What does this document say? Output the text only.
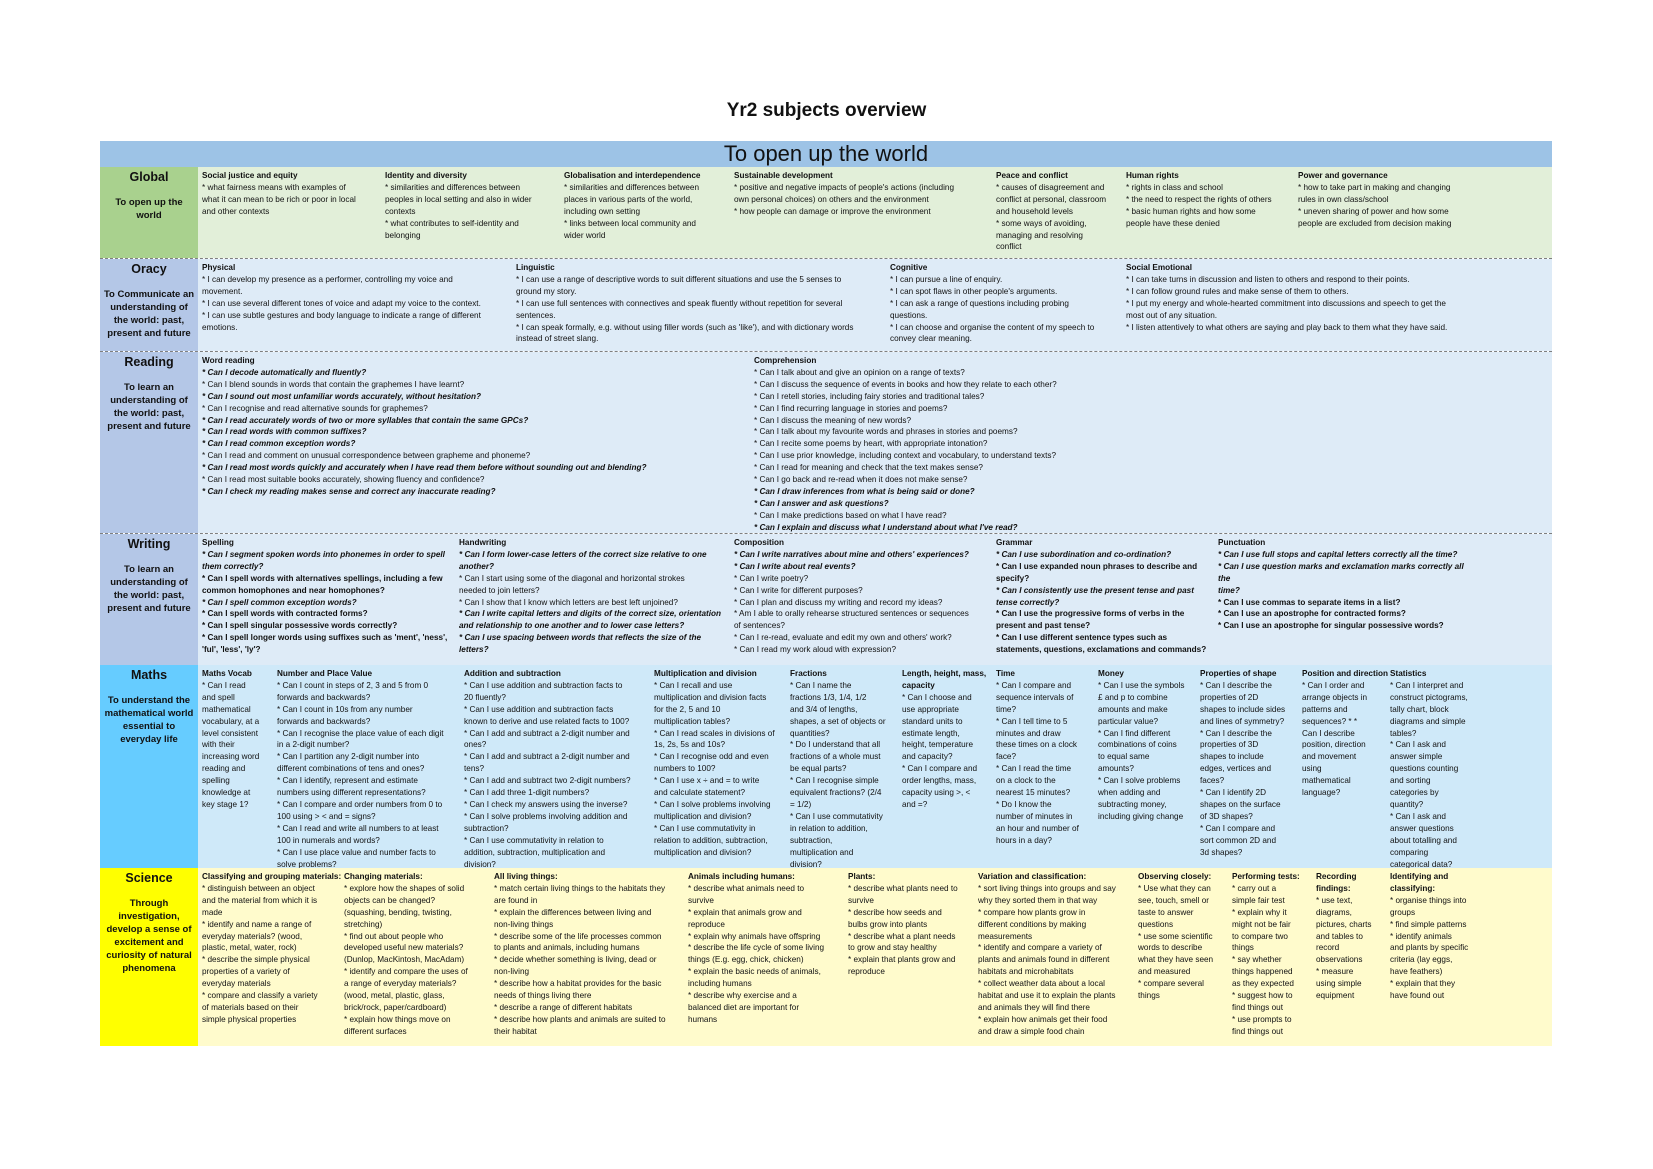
Yr2 subjects overview
To open up the world
Global
To open up the world
Social justice and equity
* what fairness means with examples of
what it can mean to be rich or poor in local
and other contexts
Identity and diversity
* similarities and differences between
peoples in local setting and also in wider
contexts
* what contributes to self-identity and
belonging
Globalisation and interdependence
* similarities and differences between
places in various parts of the world,
including own setting
* links between local community and
wider world
Sustainable development
* positive and negative impacts of people's actions (including
own personal choices) on others and the environment
* how people can damage or improve the environment
Peace and conflict
* causes of disagreement and
conflict at personal, classroom
and household levels
* some ways of avoiding,
managing and resolving
conflict
Human rights
* rights in class and school
* the need to respect the rights of others
* basic human rights and how some
people have these denied
Power and governance
* how to take part in making and changing
rules in own class/school
* uneven sharing of power and how some
people are excluded from decision making
Oracy
To Communicate an understanding of the world: past, present and future
Physical
* I can develop my presence as a performer, controlling my voice and
movement.
* I can use several different tones of voice and adapt my voice to the context.
* I can use subtle gestures and body language to indicate a range of different
emotions.
Linguistic
* I can use a range of descriptive words to suit different situations and use the 5 senses to
ground my story.
* I can use full sentences with connectives and speak fluently without repetition for several
sentences.
* I can speak formally, e.g. without using filler words (such as 'like'), and with dictionary words
instead of street slang.
Cognitive
* I can pursue a line of enquiry.
* I can spot flaws in other people's arguments.
* I can ask a range of questions including probing
questions.
* I can choose and organise the content of my speech to
convey clear meaning.
Social Emotional
* I can take turns in discussion and listen to others and respond to their points.
* I can follow ground rules and make sense of them to others.
* I put my energy and whole-hearted commitment into discussions and speech to get the
most out of any situation.
* I listen attentively to what others are saying and play back to them what they have said.
Reading
To learn an understanding of the world: past, present and future
Word reading
* Can I decode automatically and fluently?
* Can I blend sounds in words that contain the graphemes I have learnt?
* Can I sound out most unfamiliar words accurately, without hesitation?
* Can I recognise and read alternative sounds for graphemes?
* Can I read accurately words of two or more syllables that contain the same GPCs?
* Can I read words with common suffixes?
* Can I read common exception words?
* Can I read and comment on unusual correspondence between grapheme and phoneme?
* Can I read most words quickly and accurately when I have read them before without sounding out and blending?
* Can I read most suitable books accurately, showing fluency and confidence?
* Can I check my reading makes sense and correct any inaccurate reading?
Comprehension
* Can I talk about and give an opinion on a range of texts?
* Can I discuss the sequence of events in books and how they relate to each other?
* Can I retell stories, including fairy stories and traditional tales?
* Can I find recurring language in stories and poems?
* Can I discuss the meaning of new words?
* Can I talk about my favourite words and phrases in stories and poems?
* Can I recite some poems by heart, with appropriate intonation?
* Can I use prior knowledge, including context and vocabulary, to understand texts?
* Can I read for meaning and check that the text makes sense?
* Can I go back and re-read when it does not make sense?
* Can I draw inferences from what is being said or done?
* Can I answer and ask questions?
* Can I make predictions based on what I have read?
* Can I explain and discuss what I understand about what I've read?
Writing
To learn an understanding of the world: past, present and future
Spelling
* Can I segment spoken words into phonemes in order to spell
them correctly?
* Can I spell words with alternatives spellings, including a few
common homophones and near homophones?
* Can I spell common exception words?
* Can I spell words with contracted forms?
* Can I spell singular possessive words correctly?
* Can I spell longer words using suffixes such as 'ment', 'ness',
'ful', 'less', 'ly'?
Handwriting
* Can I form lower-case letters of the correct size relative to one
another?
* Can I start using some of the diagonal and horizontal strokes
needed to join letters?
* Can I show that I know which letters are best left unjoined?
* Can I write capital letters and digits of the correct size, orientation
and relationship to one another and to lower case letters?
* Can I use spacing between words that reflects the size of the
letters?
Composition
* Can I write narratives about mine and others' experiences?
* Can I write about real events?
* Can I write poetry?
* Can I write for different purposes?
* Can I plan and discuss my writing and record my ideas?
* Am I able to orally rehearse structured sentences or sequences
of sentences?
* Can I re-read, evaluate and edit my own and others' work?
* Can I read my work aloud with expression?
Grammar
* Can I use subordination and co-ordination?
* Can I use expanded noun phrases to describe and
specify?
* Can I consistently use the present tense and past
tense correctly?
* Can I use the progressive forms of verbs in the
present and past tense?
* Can I use different sentence types such as
statements, questions, exclamations and commands?
Punctuation
* Can I use full stops and capital letters correctly all the time?
* Can I use question marks and exclamation marks correctly all the
time?
* Can I use commas to separate items in a list?
* Can I use an apostrophe for contracted forms?
* Can I use an apostrophe for singular possessive words?
Maths
To understand the mathematical world essential to everyday life
Maths Vocab
* Can I read
and spell
mathematical
vocabulary, at a
level consistent
with their
increasing word
reading and
spelling
knowledge at
key stage 1?
Number and Place Value
* Can I count in steps of 2, 3 and 5 from 0
forwards and backwards?
* Can I count in 10s from any number
forwards and backwards?
* Can I recognise the place value of each digit
in a 2-digit number?
* Can I partition any 2-digit number into
different combinations of tens and ones?
* Can I identify, represent and estimate
numbers using different representations?
* Can I compare and order numbers from 0 to
100 using > < and = signs?
* Can I read and write all numbers to at least
100 in numerals and words?
* Can I use place value and number facts to
solve problems?
Addition and subtraction
* Can I use addition and subtraction facts to
20 fluently?
* Can I use addition and subtraction facts
known to derive and use related facts to 100?
* Can I add and subtract a 2-digit number and
ones?
* Can I add and subtract a 2-digit number and
tens?
* Can I add and subtract two 2-digit numbers?
* Can I add three 1-digit numbers?
* Can I check my answers using the inverse?
* Can I solve problems involving addition and
subtraction?
* Can I use commutativity in relation to
addition, subtraction, multiplication and
division?
Multiplication and division
* Can I recall and use
multiplication and division facts
for the 2, 5 and 10
multiplication tables?
* Can I read scales in divisions of
1s, 2s, 5s and 10s?
* Can I recognise odd and even
numbers to 100?
* Can I use x ÷ and = to write
and calculate statement?
* Can I solve problems involving
multiplication and division?
* Can I use commutativity in
relation to addition, subtraction,
multiplication and division?
Fractions
* Can I name the
fractions 1/3, 1/4, 1/2
and 3/4 of lengths,
shapes, a set of objects or
quantities?
* Do I understand that all
fractions of a whole must
be equal parts?
* Can I recognise simple
equivalent fractions? (2/4
= 1/2)
* Can I use commutativity
in relation to addition,
subtraction,
multiplication and
division?
Length, height, mass, capacity
* Can I choose and
use appropriate
standard units to
estimate length,
height, temperature
and capacity?
* Can I compare and
order lengths, mass,
capacity using >, <
and =?
Time
* Can I compare and
sequence intervals of
time?
* Can I tell time to 5
minutes and draw
these times on a clock
face?
* Can I read the time
on a clock to the
nearest 15 minutes?
* Do I know the
number of minutes in
an hour and number of
hours in a day?
Money
* Can I use the symbols
£ and p to combine
amounts and make
particular value?
* Can I find different
combinations of coins
to equal same
amounts?
* Can I solve problems
when adding and
subtracting money,
including giving change
Properties of shape
* Can I describe the
properties of 2D
shapes to include sides
and lines of symmetry?
* Can I describe the
properties of 3D
shapes to include
edges, vertices and
faces?
* Can I identify 2D
shapes on the surface
of 3D shapes?
* Can I compare and
sort common 2D and
3d shapes?
Position and direction
* Can I order and
arrange objects in
patterns and
sequences? * *
Can I describe
position, direction
and movement
using
mathematical
language?
Statistics
* Can I interpret and
construct pictograms,
tally chart, block
diagrams and simple
tables?
* Can I ask and
answer simple
questions counting
and sorting
categories by
quantity?
* Can I ask and
answer questions
about totalling and
comparing
categorical data?
Science
Through investigation, develop a sense of excitement and curiosity of natural phenomena
Classifying and grouping materials:
* distinguish between an object
and the material from which it is
made
* identify and name a range of
everyday materials? (wood,
plastic, metal, water, rock)
* describe the simple physical
properties of a variety of
everyday materials
* compare and classify a variety
of materials based on their
simple physical properties
Changing materials:
* explore how the shapes of solid
objects can be changed?
(squashing, bending, twisting,
stretching)
* find out about people who
developed useful new materials?
(Dunlop, MacKintosh, MacAdam)
* identify and compare the uses of
a range of everyday materials?
(wood, metal, plastic, glass,
brick/rock, paper/cardboard)
* explain how things move on
different surfaces
All living things:
* match certain living things to the habitats they
are found in
* explain the differences between living and
non-living things
* describe some of the life processes common
to plants and animals, including humans
* decide whether something is living, dead or
non-living
* describe how a habitat provides for the basic
needs of things living there
* describe a range of different habitats
* describe how plants and animals are suited to
their habitat
Animals including humans:
* describe what animals need to
survive
* explain that animals grow and
reproduce
* explain why animals have offspring
* describe the life cycle of some living
things (E.g. egg, chick, chicken)
* explain the basic needs of animals,
including humans
* describe why exercise and a
balanced diet are important for
humans
Plants:
* describe what plants need to
survive
* describe how seeds and
bulbs grow into plants
* describe what a plant needs
to grow and stay healthy
* explain that plants grow and
reproduce
Variation and classification:
* sort living things into groups and say
why they sorted them in that way
* compare how plants grow in
different conditions by making
measurements
* identify and compare a variety of
plants and animals found in different
habitats and microhabitats
* collect weather data about a local
habitat and use it to explain the plants
and animals they will find there
* explain how animals get their food
and draw a simple food chain
Observing closely:
* Use what they can
see, touch, smell or
taste to answer
questions
* use some scientific
words to describe
what they have seen
and measured
* compare several
things
Performing tests:
* carry out a
simple fair test
* explain why it
might not be fair
to compare two
things
* say whether
things happened
as they expected
* suggest how to
find things out
* use prompts to
find things out
Recording findings:
* use text,
diagrams,
pictures, charts
and tables to
record
observations
* measure
using simple
equipment
Identifying and classifying:
* organise things into
groups
* find simple patterns
* identify animals
and plants by specific
criteria (lay eggs,
have feathers)
* explain that they
have found out
